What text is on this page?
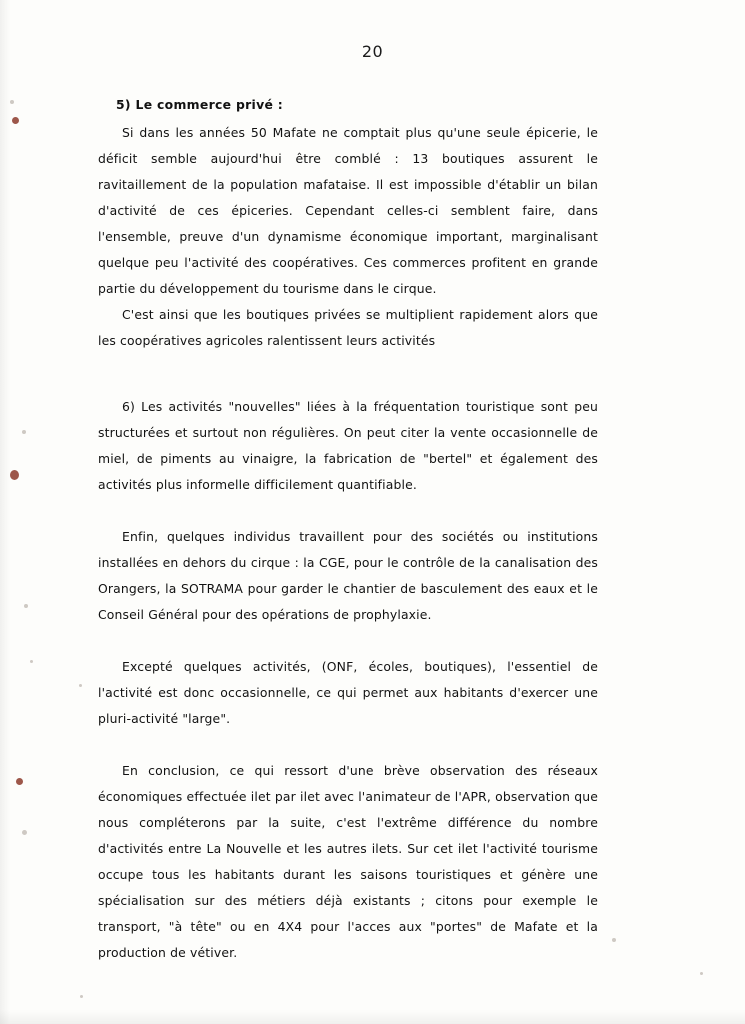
20

5) Le commerce privé :

Si dans les années 50 Mafate ne comptait plus qu'une seule épicerie, le déficit semble aujourd'hui être comblé : 13 boutiques assurent le ravitaillement de la population mafataise. Il est impossible d'établir un bilan d'activité de ces épiceries. Cependant celles-ci semblent faire, dans l'ensemble, preuve d'un dynamisme économique important, marginalisant quelque peu l'activité des coopératives. Ces commerces profitent en grande partie du développement du tourisme dans le cirque.

C'est ainsi que les boutiques privées se multiplient rapidement alors que les coopératives agricoles ralentissent leurs activités

6) Les activités "nouvelles" liées à la fréquentation touristique sont peu structurées et surtout non régulières. On peut citer la vente occasionnelle de miel, de piments au vinaigre, la fabrication de "bertel" et également des activités plus informelle difficilement quantifiable.

Enfin, quelques individus travaillent pour des sociétés ou institutions installées en dehors du cirque : la CGE, pour le contrôle de la canalisation des Orangers, la SOTRAMA pour garder le chantier de basculement des eaux et le Conseil Général pour des opérations de prophylaxie.

Excepté quelques activités, (ONF, écoles, boutiques), l'essentiel de l'activité est donc occasionnelle, ce qui permet aux habitants d'exercer une pluri-activité "large".

En conclusion, ce qui ressort d'une brève observation des réseaux économiques effectuée ilet par ilet avec l'animateur de l'APR, observation que nous compléterons par la suite, c'est l'extrême différence du nombre d'activités entre La Nouvelle et les autres ilets. Sur cet ilet l'activité tourisme occupe tous les habitants durant les saisons touristiques et génère une spécialisation sur des métiers déjà existants ; citons pour exemple le transport, "à tête" ou en 4X4 pour l'acces aux "portes" de Mafate et la production de vétiver.
